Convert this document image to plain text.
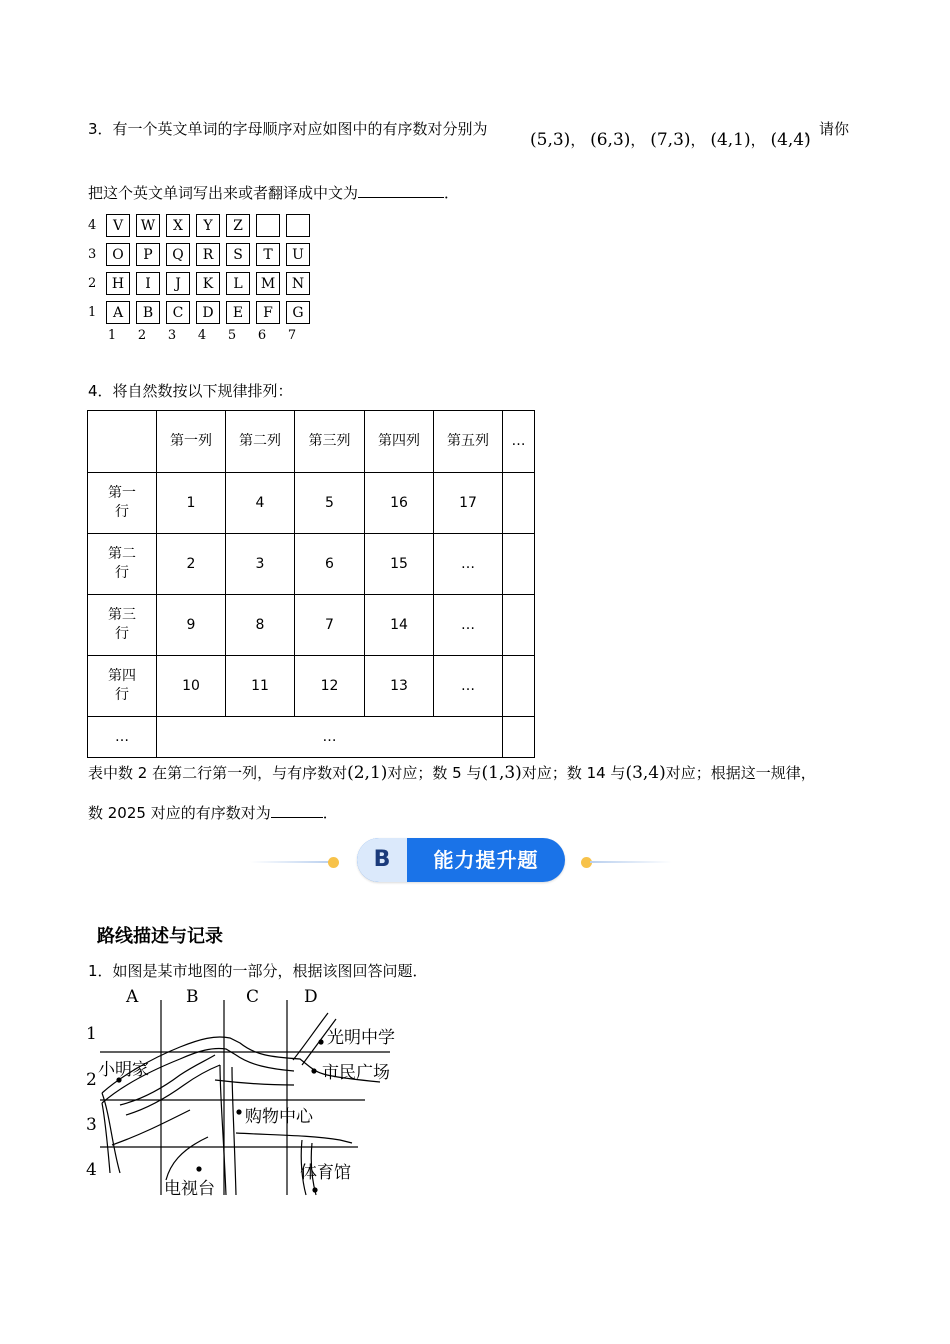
3．有一个英文单词的字母顺序对应如图中的有序数对分别为
(5,3)， (6,3)， (7,3)， (4,1)， (4,4)
，请你
把这个英文单词写出来或者翻译成中文为	．
4	V	W	X	Y	Z
3	O	P	Q	R	S	T	U
2	H	I	J	K	L	M	N
1	A	B	C	D	E	F	G
1	2	3	4	5	6	7
4．将自然数按以下规律排列：
	第一列	第二列	第三列	第四列	第五列	…
第一行	1	4	5	16	17	
第二行	2	3	6	15	…	
第三行	9	8	7	14	…	
第四行	10	11	12	13	…	
…	…					
表中数 2 在第二行第一列，与有序数对(2,1)对应；数 5 与(1,3)对应；数 14 与(3,4)对应；根据这一规律，
数 2025 对应的有序数对为	．
B	能力提升题
路线描述与记录
1．如图是某市地图的一部分，根据该图回答问题．
A	B	C	D
1
2
3
4
光明中学
市民广场
小明家
购物中心
电视台
体育馆
